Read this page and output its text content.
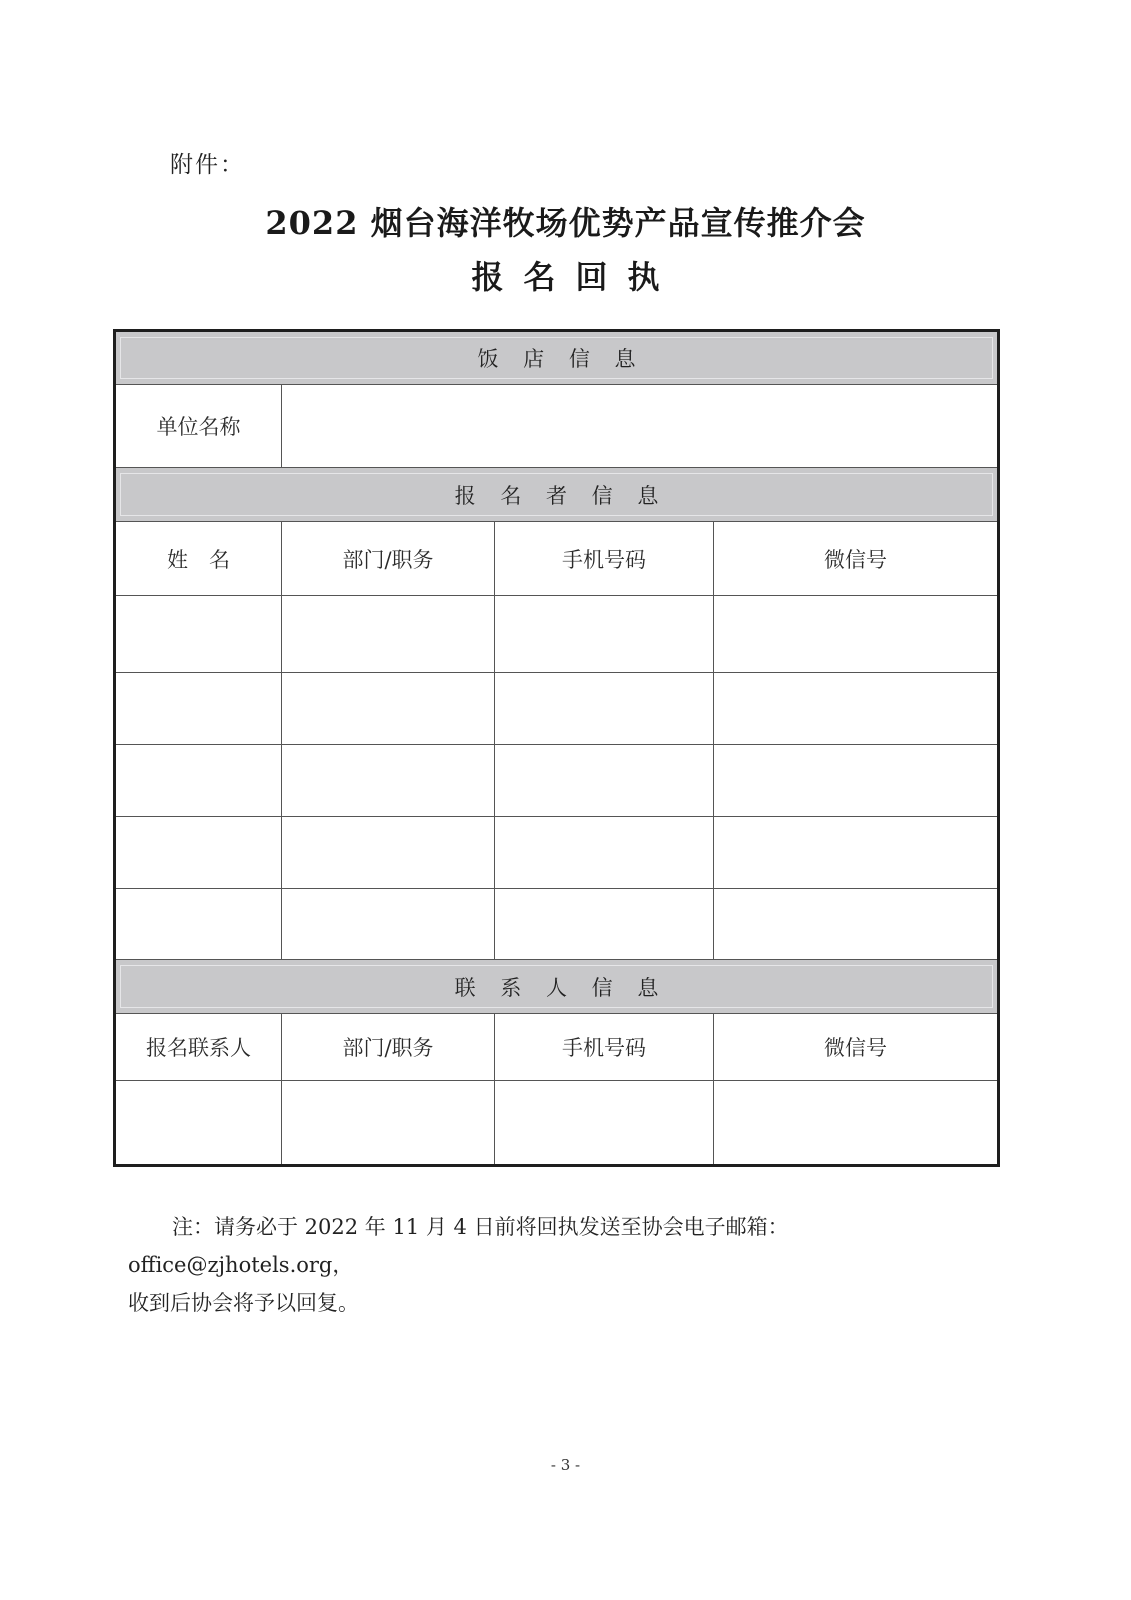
附件：
2022 烟台海洋牧场优势产品宣传推介会
报名回执
饭 店 信 息
单位名称
报 名 者 信 息
姓　名	部门/职务	手机号码	微信号
联 系 人 信 息
报名联系人	部门/职务	手机号码	微信号

注：请务必于 2022 年 11 月 4 日前将回执发送至协会电子邮箱：office@zjhotels.org，

收到后协会将予以回复。

- 3 -
